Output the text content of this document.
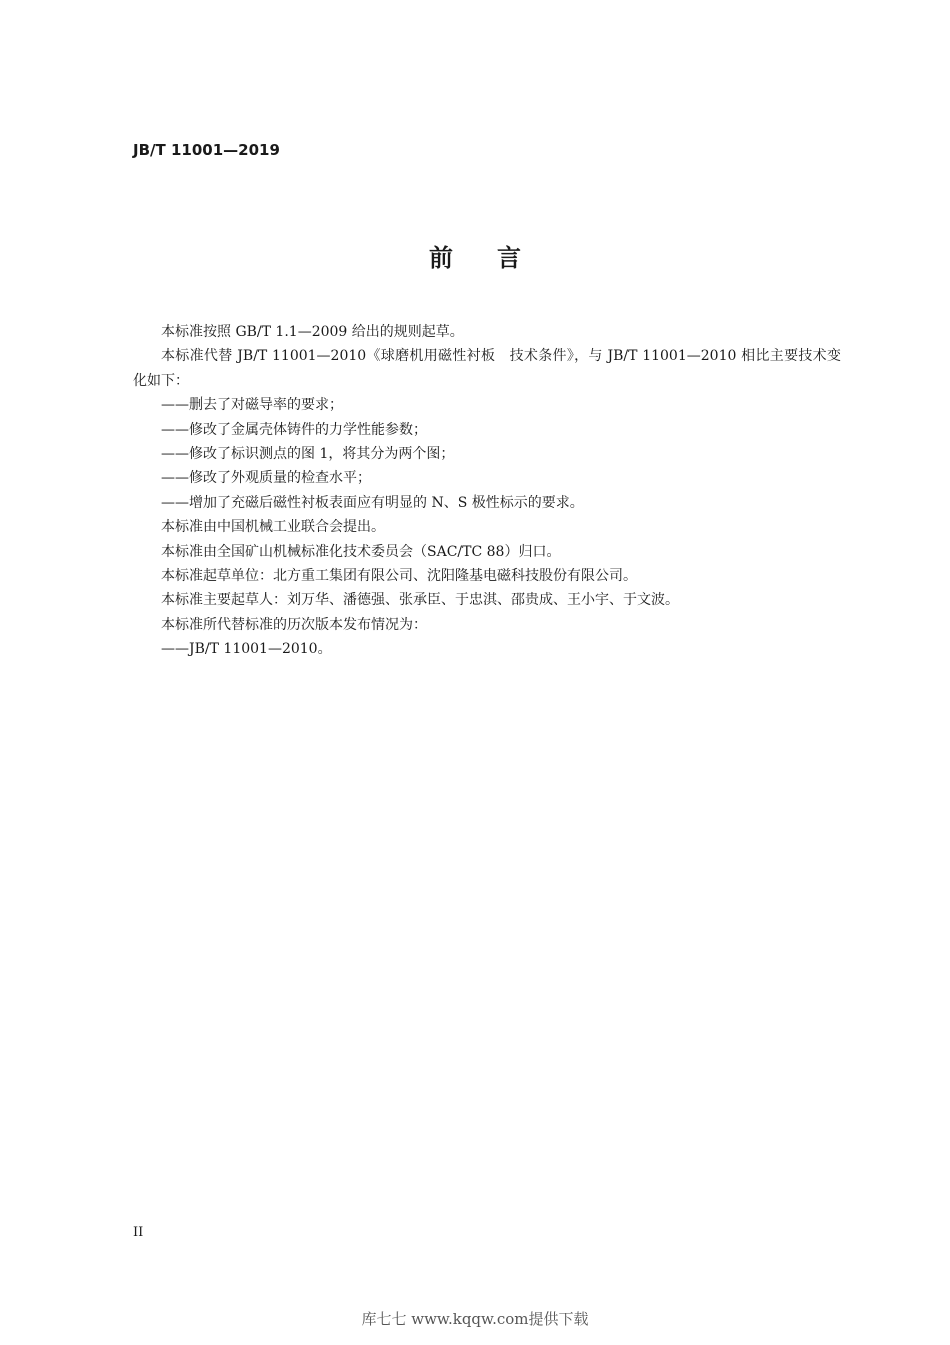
JB/T 11001—2019
前言

本标准按照 GB/T 1.1—2009 给出的规则起草。

本标准代替 JB/T 11001—2010《球磨机用磁性衬板　技术条件》，与 JB/T 11001—2010 相比主要技术变化如下：

——删去了对磁导率的要求；

——修改了金属壳体铸件的力学性能参数；

——修改了标识测点的图 1，将其分为两个图；

——修改了外观质量的检查水平；

——增加了充磁后磁性衬板表面应有明显的 N、S 极性标示的要求。

本标准由中国机械工业联合会提出。

本标准由全国矿山机械标准化技术委员会（SAC/TC 88）归口。

本标准起草单位：北方重工集团有限公司、沈阳隆基电磁科技股份有限公司。

本标准主要起草人：刘万华、潘德强、张承臣、于忠淇、邵贵成、王小宇、于文波。

本标准所代替标准的历次版本发布情况为：

——JB/T 11001—2010。

II
库七七 www.kqqw.com提供下载
